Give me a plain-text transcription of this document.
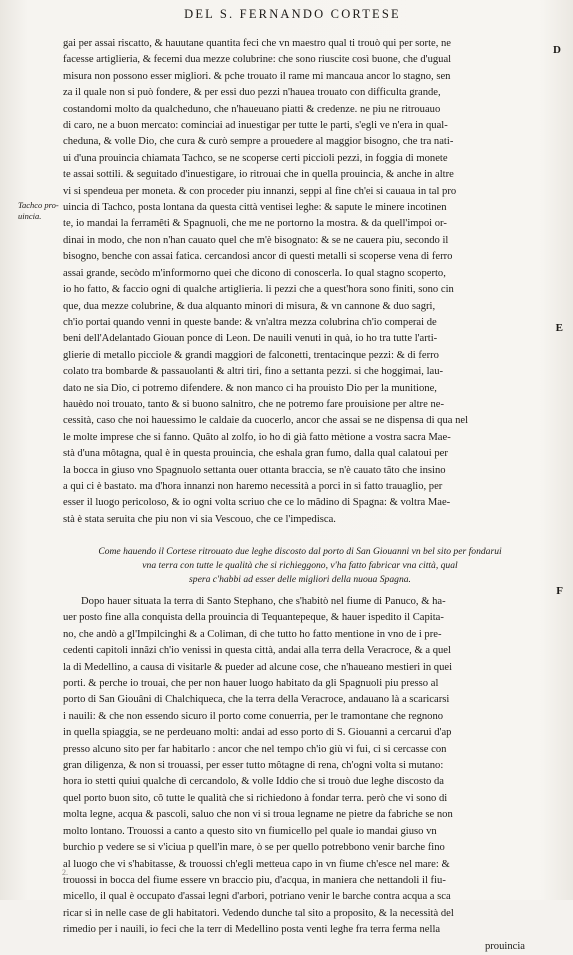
DEL S. FERNANDO CORTESE
D
E
F
Tachco pro-
uincia.
gai per assai riscatto, & hauutane quantita feci che vn maestro qual ti trouò qui per sorte, ne
facesse artiglieria, & fecemi dua mezze colubrine: che sono riuscite così buone, che d'ugual
misura non possono esser migliori. & pche trouato il rame mi mancaua ancor lo stagno, sen
za il quale non si può fondere, & per essi duo pezzi n'hauea trouato con difficulta grande,
costandomi molto da qualcheduno, che n'haueuano piatti & credenze. ne piu ne ritrouauo
di caro, ne a buon mercato: cominciai ad inuestigar per tutte le parti, s'egli ve n'era in qual-
cheduna, & volle Dio, che cura & curò sempre a prouedere al maggior bisogno, che tra nati-
ui d'una prouincia chiamata Tachco, se ne scoperse certi piccioli pezzi, in foggia di monete
te assai sottili. & seguitado d'inuestigare, io ritrouai che in quella prouincia, & anche in altre
vi si spendeua per moneta. & con proceder piu innanzi, seppi al fine ch'ei si cauaua in tal pro
uincia di Tachco, posta lontana da questa città ventisei leghe: & sapute le minere incotinen
te, io mandai la ferramêti & Spagnuoli, che me ne portorno la mostra. & da quell'impoi or-
dinai in modo, che non n'han cauato quel che m'è bisognato: & se ne cauera piu, secondo il
bisogno, benche con assai fatica. cercandosi ancor di questi metalli si scoperse vena di ferro
assai grande, secòdo m'informorno quei che dicono di conoscerla. Io qual stagno scoperto,
io ho fatto, & faccio ogni di qualche artiglieria. li pezzi che a quest'hora sono finiti, sono cin
que, dua mezze colubrine, & dua alquanto minori di misura, & vn cannone & duo sagri,
ch'io portai quando venni in queste bande: & vn'altra mezza colubrina ch'io comperai de
beni dell'Adelantado Giouan ponce di Leon. De nauili venuti in quà, io ho tra tutte l'arti-
glierie di metallo picciole & grandi maggiori de falconetti, trentacinque pezzi: & di ferro
colato tra bombarde & passauolanti & altri tiri, fino a settanta pezzi. si che hoggimai, lau-
dato ne sia Dio, ci potremo difendere. & non manco ci ha prouisto Dio per la munitione,
hauèdo noi trouato, tanto & si buono salnitro, che ne potremo fare prouisione per altre ne-
cessità, caso che noi hauessimo le caldaie da cuocerlo, ancor che assai se ne dispensa di qua nel
le molte imprese che si fanno. Quãto al zolfo, io ho di già fatto mètione a vostra sacra Mae-
stà d'una môtagna, qual è in questa prouincia, che eshala gran fumo, dalla qual calatoui per
la bocca in giuso vno Spagnuolo settanta ouer ottanta braccia, se n'è cauato tãto che insino
a qui ci è bastato. ma d'hora innanzi non haremo necessità a porci in sì fatto trauaglio, per
esser il luogo pericoloso, & io ogni volta scriuo che ce lo mãdino di Spagna: & voltra Mae-
stà è stata seruita che piu non vi sia Vescouo, che ce l'impedisca.
Come hauendo il Cortese ritrouato due leghe discosto dal porto di San Giouanni vn bel sito per fondarui
vna terra con tutte le qualità che si richieggono, v'ha fatto fabricar vna città, qual
spera c'habbi ad esser delle migliori della nuoua Spagna.
Dopo hauer situata la terra di Santo Stephano, che s'habitò nel fiume di Panuco, & ha-
uer posto fine alla conquista della prouincia di Tequantepeque, & hauer ispedito il Capita-
no, che andò a gl'Impilcinghi & a Coliman, di che tutto ho fatto mentione in vno de i pre-
cedenti capitoli innãzi ch'io venissi in questa città, andai alla terra della Veracroce, & a quel
la di Medellino, a causa di visitarle & pueder ad alcune cose, che n'haueano mestieri in quei
porti. & perche io trouai, che per non hauer luogo habitato da gli Spagnuoli piu presso al
porto di San Giouâni di Chalchiqueca, che la terra della Veracroce, andauano là a scaricarsi
i nauili: & che non essendo sicuro il porto come conuerria, per le tramontane che regnono
in quella spiaggia, se ne perdeuano molti: andai ad esso porto di S. Giouanni a cercarui d'ap
presso alcuno sito per far habitarlo : ancor che nel tempo ch'io giù vi fui, ci si cercasse con
gran diligenza, & non si trouassi, per esser tutto môtagne di rena, ch'ogni volta si mutano:
hora io stetti quiui qualche dì cercandolo, & volle Iddio che si trouò due leghe discosto da
quel porto buon sito, cõ tutte le qualità che si richiedono à fondar terra. però che vi sono di
molta legne, acqua & pascoli, saluo che non vi si troua legname ne pietre da fabriche se non
molto lontano. Trouossi a canto a questo sito vn fiumicello pel quale io mandai giuso vn
burchio p vedere se si v'iciua p quell'in mare, ò se per quello potrebbono venir barche fino
al luogo che vi s'habitasse, & trouossi ch'egli metteua capo in vn fiume ch'esce nel mare: &
trouossi in bocca del fiume essere vn braccio piu, d'acqua, in maniera che nettandoli il fiu-
micello, il qual è occupato d'assai legni d'arbori, potriano venir le barche contra acqua a sca
ricar si in nelle case de gli habitatori. Vedendo dunche tal sito a proposito, & la necessità del
rimedio per i nauili, io feci che la terr di Medellino posta venti leghe fra terra ferma nella
prouincia
2.
